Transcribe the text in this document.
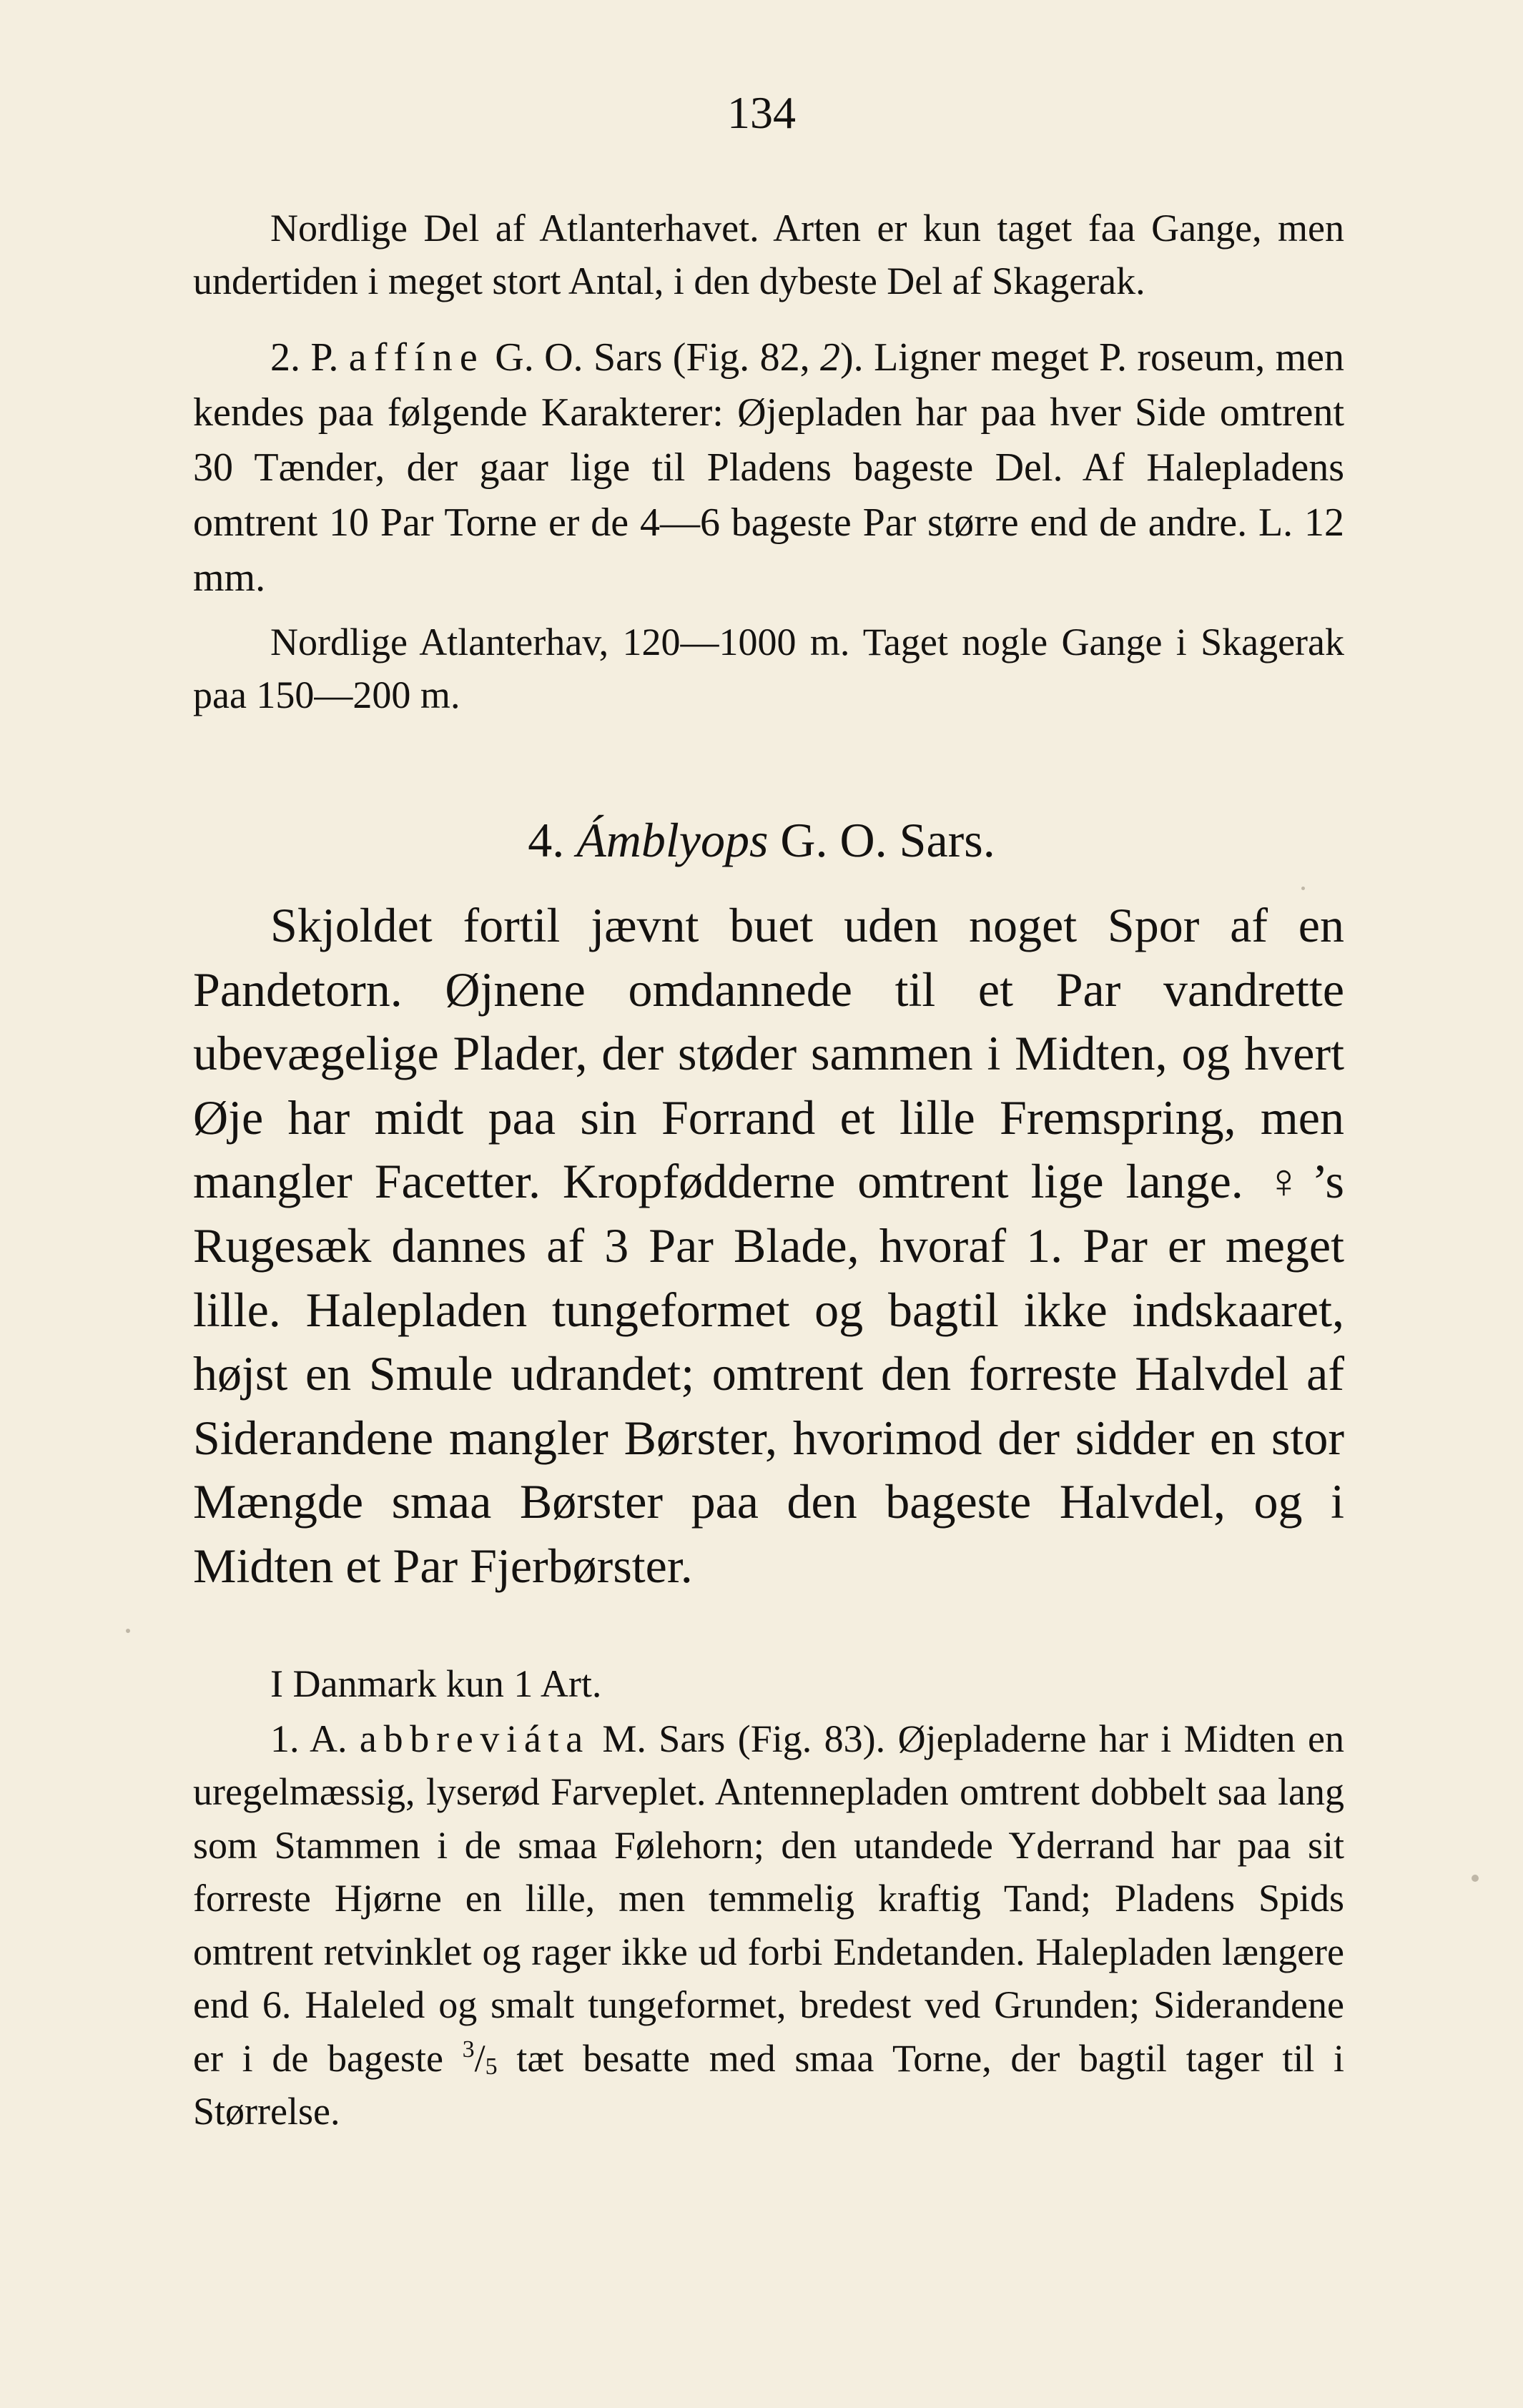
134

Nordlige Del af Atlanterhavet. Arten er kun taget faa Gange, men undertiden i meget stort Antal, i den dybeste Del af Skagerak.

2. P. affíne G. O. Sars (Fig. 82, 2). Ligner meget P. roseum, men kendes paa følgende Karakterer: Øjepladen har paa hver Side omtrent 30 Tænder, der gaar lige til Pladens bageste Del. Af Halepladens omtrent 10 Par Torne er de 4—6 bageste Par større end de andre. L. 12 mm.

Nordlige Atlanterhav, 120—1000 m. Taget nogle Gange i Skagerak paa 150—200 m.

4. Ámblyops G. O. Sars.

Skjoldet fortil jævnt buet uden noget Spor af en Pandetorn. Øjnene omdannede til et Par vandrette ubevægelige Plader, der støder sammen i Midten, og hvert Øje har midt paa sin Forrand et lille Fremspring, men mangler Facetter. Kropfødderne omtrent lige lange. ♀’s Rugesæk dannes af 3 Par Blade, hvoraf 1. Par er meget lille. Halepladen tungeformet og bagtil ikke indskaaret, højst en Smule udrandet; omtrent den forreste Halvdel af Siderandene mangler Børster, hvorimod der sidder en stor Mængde smaa Børster paa den bageste Halvdel, og i Midten et Par Fjerbørster.

I Danmark kun 1 Art.

1. A. abbreviáta M. Sars (Fig. 83). Øjepladerne har i Midten en uregelmæssig, lyserød Farveplet. Antennepladen omtrent dobbelt saa lang som Stammen i de smaa Følehorn; den utandede Yderrand har paa sit forreste Hjørne en lille, men temmelig kraftig Tand; Pladens Spids omtrent retvinklet og rager ikke ud forbi Endetanden. Halepladen længere end 6. Haleled og smalt tungeformet, bredest ved Grunden; Siderandene er i de bageste $^3/_5$ tæt besatte med smaa Torne, der bagtil tager til i Størrelse.
